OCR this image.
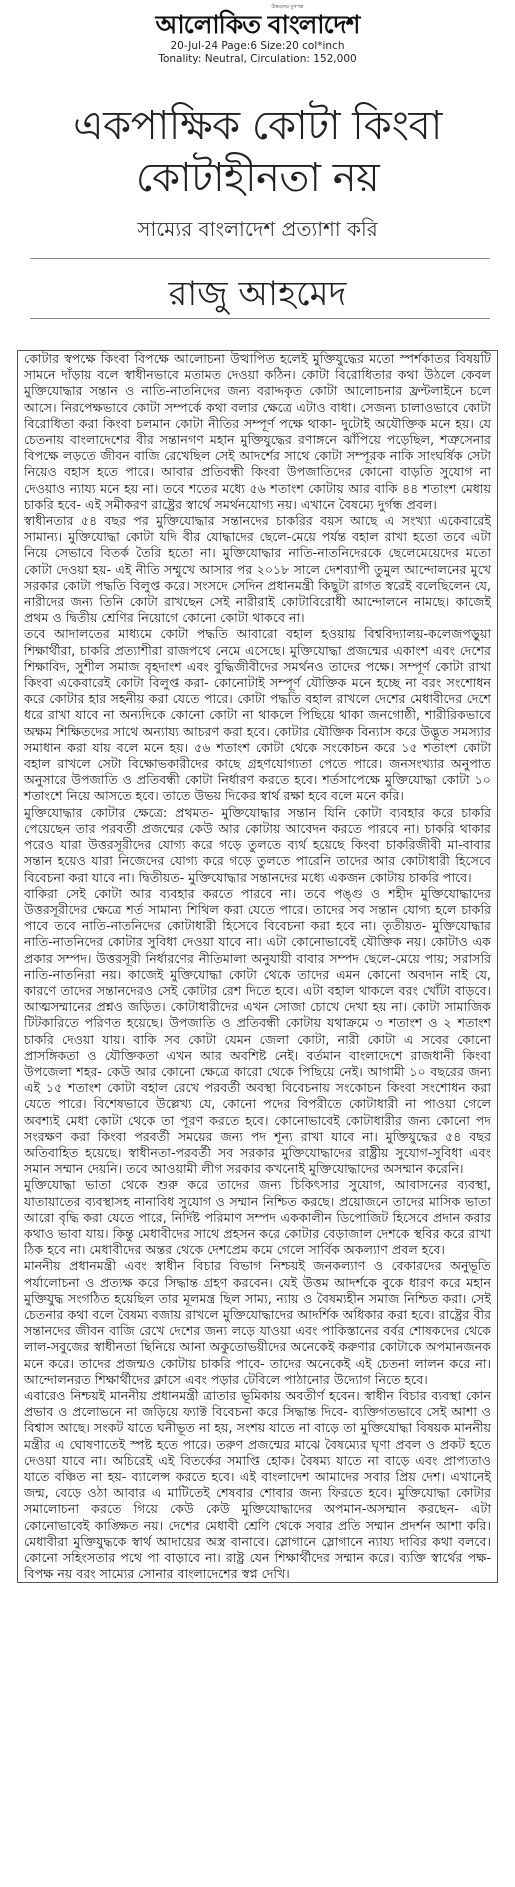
উন্নয়নের মুখপত্র
আলোকিত বাংলাদেশ
20-Jul-24 Page:6 Size:20 col*inch
Tonality: Neutral, Circulation: 152,000
একপাক্ষিক কোটা কিংবা
কোটাহীনতা নয়
সাম্যের বাংলাদেশ প্রত্যাশা করি
রাজু আহমেদ

কোটার স্বপক্ষে কিংবা বিপক্ষে আলোচনা উত্থাপিত হলেই মুক্তিযুদ্ধের মতো স্পর্শকাতর বিষয়টি সামনে দাঁড়ায় বলে স্বাধীনভাবে মতামত দেওয়া কঠিন। কোটা বিরোধিতার কথা উঠলে কেবল মুক্তিযোদ্ধার সন্তান ও নাতি-নাতনিদের জন্য বরাদ্দকৃত কোটা আলোচনার ফ্রন্টলাইনে চলে আসে। নিরপেক্ষভাবে কোটা সম্পর্কে কথা বলার ক্ষেত্রে এটাও বাধা। সেজন্য চালাওভাবে কোটা বিরোধিতা করা কিংবা চলমান কোটা নীতির সম্পূর্ণ পক্ষে থাকা- দুটোই অযৌক্তিক মনে হয়। যে চেতনায় বাংলাদেশের বীর সন্তানগণ মহান মুক্তিযুদ্ধের রণাঙ্গনে ঝাঁপিয়ে পড়েছিল, শত্রুসেনার বিপক্ষে লড়তে জীবন বাজি রেখেছিল সেই আদর্শের সাথে কোটা সম্পূরক নাকি সাংঘর্ষিক সেটা নিয়েও বহাস হতে পারে। আবার প্রতিবন্ধী কিংবা উপজাতিদের কোনো বাড়তি সুযোগ না দেওয়াও ন্যায্য মনে হয় না। তবে শতের মধ্যে ৫৬ শতাংশ কোটায় আর বাকি ৪৪ শতাংশ মেধায় চাকরি হবে- এই সমীকরণ রাষ্ট্রের স্বার্থে সমর্থনযোগ্য নয়। এখানে বৈষম্যে দুর্গন্ধ প্রবল।

স্বাধীনতার ৫৪ বছর পর মুক্তিযোদ্ধার সন্তানদের চাকরির বয়স আছে এ সংখ্যা একেবারেই সামান্য। মুক্তিযোদ্ধা কোটা যদি বীর যোদ্ধাদের ছেলে-মেয়ে পর্যন্ত বহাল রাখা হতো তবে এটা নিয়ে সেভাবে বিতর্ক তৈরি হতো না। মুক্তিযোদ্ধার নাতি-নাতনিদেরকে ছেলেমেয়েদের মতো কোটা দেওয়া হয়- এই নীতি সম্মুখে আসার পর ২০১৮ সালে দেশব্যাপী তুমুল আন্দোলনের মুখে সরকার কোটা পদ্ধতি বিলুপ্ত করে। সংসদে সেদিন প্রধানমন্ত্রী কিছুটা রাগত স্বরেই বলেছিলেন যে, নারীদের জন্য তিনি কোটা রাখছেন সেই নারীরাই কোটাবিরোধী আন্দোলনে নামছে। কাজেই প্রথম ও দ্বিতীয় শ্রেণির নিয়োগে কোনো কোটা থাকবে না।

তবে আদালতের মাধ্যমে কোটা পদ্ধতি আবারো বহাল হওয়ায় বিশ্ববিদ্যালয়-কলেজপড়ুয়া শিক্ষার্থীরা, চাকরি প্রত্যাশীরা রাজপথে নেমে এসেছে। মুক্তিযোদ্ধা প্রজন্মের একাংশ এবং দেশের শিক্ষাবিদ, সুশীল সমাজ বৃহদাংশ এবং বুদ্ধিজীবীদের সমর্থনও তাদের পক্ষে। সম্পূর্ণ কোটা রাখা কিংবা একেবারেই কোটা বিলুপ্ত করা- কোনোটাই সম্পূর্ণ যৌক্তিক মনে হচ্ছে না বরং সংশোধন করে কোটার হার সহনীয় করা যেতে পারে। কোটা পদ্ধতি বহাল রাখলে দেশের মেধাবীদের দেশে ধরে রাখা যাবে না অন্যদিকে কোনো কোটা না থাকলে পিছিয়ে থাকা জনগোষ্ঠী, শারীরিকভাবে অক্ষম শিক্ষিতদের সাথে অন্যায্য আচরণ করা হবে। কোটার যৌক্তিক বিন্যাস করে উদ্ভূত সমস্যার সমাধান করা যায় বলে মনে হয়। ৫৬ শতাংশ কোটা থেকে সংকোচন করে ১৫ শতাংশ কোটা বহাল রাখলে সেটা বিক্ষোভকারীদের কাছে গ্রহণযোগ্যতা পেতে পারে। জনসংখ্যার অনুপাত অনুসারে উপজাতি ও প্রতিবন্ধী কোটা নির্ধারণ করতে হবে। শর্তসাপেক্ষে মুক্তিযোদ্ধা কোটা ১০ শতাংশে নিয়ে আসতে হবে। তাতে উভয় দিকের স্বার্থ রক্ষা হবে বলে মনে করি।

মুক্তিযোদ্ধার কোটার ক্ষেত্রে: প্রথমত- মুক্তিযোদ্ধার সন্তান যিনি কোটা ব্যবহার করে চাকরি পেয়েছেন তার পরবর্তী প্রজন্মের কেউ আর কোটায় আবেদন করতে পারবে না। চাকরি থাকার পরেও যারা উত্তরসূরীদের যোগ্য করে গড়ে তুলতে ব্যর্থ হয়েছে কিংবা চাকরিজীবী মা-বাবার সন্তান হয়েও যারা নিজেদের যোগ্য করে গড়ে তুলতে পারেনি তাদের আর কোটাধারী হিসেবে বিবেচনা করা যাবে না। দ্বিতীয়ত- মুক্তিযোদ্ধার সন্তানদের মধ্যে একজন কোটায় চাকরি পাবে।

বাকিরা সেই কোটা আর ব্যবহার করতে পারবে না। তবে পঙ্গু ও শহীদ মুক্তিযোদ্ধাদের উত্তরসূরীদের ক্ষেত্রে শর্ত সামান্য শিথিল করা যেতে পারে। তাদের সব সন্তান যোগ্য হলে চাকরি পাবে তবে নাতি-নাতনিদের কোটাধারী হিসেবে বিবেচনা করা হবে না। তৃতীয়ত- মুক্তিযোদ্ধার নাতি-নাতনিদের কোটার সুবিধা দেওয়া যাবে না। এটা কোনোভাবেই যৌক্তিক নয়। কোটাও এক প্রকার সম্পদ। উত্তরসূরী নির্ধারণের নীতিমালা অনুযায়ী বাবার সম্পদ ছেলে-মেয়ে পায়; সরাসরি নাতি-নাতনিরা নয়। কাজেই মুক্তিযোদ্ধা কোটা থেকে তাদের এমন কোনো অবদান নাই যে, কারণে তাদের সন্তানদেরও সেই কোটার রেশ দিতে হবে। এটা বহাল থাকলে বরং খোঁটা বাড়বে। আত্মসম্মানের প্রশ্নও জড়িত। কোটাধারীদের এখন সোজা চোখে দেখা হয় না। কোটা সামাজিক টিটকারিতে পরিণত হয়েছে। উপজাতি ও প্রতিবন্ধী কোটায় যথাক্রমে ৩ শতাংশ ও ২ শতাংশ চাকরি দেওয়া যায়। বাকি সব কোটা যেমন জেলা কোটা, নারী কোটা এ সবের কোনো প্রাসঙ্গিকতা ও যৌক্তিকতা এখন আর অবশিষ্ট নেই। বর্তমান বাংলাদেশে রাজধানী কিংবা উপজেলা শহর- কেউ আর কোনো ক্ষেত্রে কারো থেকে পিছিয়ে নেই। আগামী ১০ বছরের জন্য এই ১৫ শতাংশ কোটা বহাল রেখে পরবর্তী অবস্থা বিবেচনায় সংকোচন কিংবা সংশোধন করা যেতে পারে। বিশেষভাবে উল্লেখ্য যে, কোনো পদের বিপরীতে কোটাধারী না পাওয়া গেলে অবশ্যই মেধা কোটা থেকে তা পূরণ করতে হবে। কোনোভাবেই কোটাধারীর জন্য কোনো পদ সংরক্ষণ করা কিংবা পরবর্তী সময়ের জন্য পদ শূন্য রাখা যাবে না। মুক্তিযুদ্ধের ৫৪ বছর অতিবাহিত হয়েছে। স্বাধীনতা-পরবর্তী সব সরকার মুক্তিযোদ্ধাদের রাষ্ট্রীয় সুযোগ-সুবিধা এবং সমান সম্মান দেয়নি। তবে আওয়ামী লীগ সরকার কখনোই মুক্তিযোদ্ধাদের অসম্মান করেনি।

মুক্তিযোদ্ধা ভাতা থেকে শুরু করে তাদের জন্য চিকিৎসার সুযোগ, আবাসনের ব্যবস্থা, যাতায়াতের ব্যবস্থাসহ নানাবিধ সুযোগ ও সম্মান নিশ্চিত করছে। প্রয়োজনে তাদের মাসিক ভাতা আরো বৃদ্ধি করা যেতে পারে, নির্দিষ্ট পরিমাণ সম্পদ এককালীন ডিপোজিট হিসেবে প্রদান করার কথাও ভাবা যায়। কিন্তু মেধাবীদের সাথে প্রহসন করে কোটার বেড়াজাল দেশকে স্থবির করে রাখা ঠিক হবে না। মেধাবীদের অন্তর থেকে দেশপ্রেম কমে গেলে সার্বিক অকল্যাণ প্রবল হবে।

মাননীয় প্রধানমন্ত্রী এবং স্বাধীন বিচার বিভাগ নিশ্চয়ই জনকল্যাণ ও বেকারদের অনুভূতি পর্যালোচনা ও প্রত্যক্ষ করে সিদ্ধান্ত গ্রহণ করবেন। যেই উত্তম আদর্শকে বুকে ধারণ করে মহান মুক্তিযুদ্ধ সংগঠিত হয়েছিল তার মূলমন্ত্র ছিল সাম্য, ন্যায় ও বৈষম্যহীন সমাজ নিশ্চিত করা। সেই চেতনার কথা বলে বৈষম্য বজায় রাখলে মুক্তিযোদ্ধাদের আদর্শিক অধিকার করা হবে। রাষ্ট্রের বীর সন্তানদের জীবন বাজি রেখে দেশের জন্য লড়ে যাওয়া এবং পাকিস্তানের বর্বর শোষকদের থেকে লাল-সবুজের স্বাধীনতা ছিনিয়ে আনা অকুতোভয়ীদের অনেকেই করুণার কোটাকে অপমানজনক মনে করে। তাদের প্রজন্মও কোটায় চাকরি পাবে- তাদের অনেকেই এই চেতনা লালন করে না। আন্দোলনরত শিক্ষার্থীদের ক্লাসে এবং পড়ার টেবিলে পাঠানোর উদ্যোগ নিতে হবে।

এবারেও নিশ্চয়ই মাননীয় প্রধানমন্ত্রী ত্রাতার ভূমিকায় অবতীর্ণ হবেন। স্বাধীন বিচার ব্যবস্থা কোন প্রভাব ও প্রলোভনে না জড়িয়ে ফ্যাক্ট বিবেচনা করে সিদ্ধান্ত দিবে- ব্যক্তিগতভাবে সেই আশা ও বিশ্বাস আছে। সংকট যাতে ঘনীভূত না হয়, সংশয় যাতে না বাড়ে তা মুক্তিযোদ্ধা বিষয়ক মাননীয় মন্ত্রীর এ ঘোষণাতেই স্পষ্ট হতে পারে। তরুণ প্রজন্মের মাঝে বৈষম্যের ঘৃণা প্রবল ও প্রকট হতে দেওয়া যাবে না। অচিরেই এই বিতর্কের সমাপ্তি হোক। বৈষম্য যাতে না বাড়ে এবং প্রাপ্যতাও যাতে বঞ্চিত না হয়- ব্যালেন্স করতে হবে। এই বাংলাদেশ আমাদের সবার প্রিয় দেশ। এখানেই জন্ম, বেড়ে ওঠা আবার এ মাটিতেই শেষবার শোবার জন্য ফিরতে হবে। মুক্তিযোদ্ধা কোটার সমালোচনা করতে গিয়ে কেউ কেউ মুক্তিযোদ্ধাদের অপমান-অসম্মান করছেন- এটা কোনোভাবেই কাঙ্ক্ষিত নয়। দেশের মেধাবী শ্রেণি থেকে সবার প্রতি সম্মান প্রদর্শন আশা করি। মেধাবীরা মুক্তিযুদ্ধকে স্বার্থ আদায়ের অস্ত্র বানাবে। স্লোগানে স্লোগানে ন্যায্য দাবির কথা বলবে। কোনো সহিংসতার পথে পা বাড়াবে না। রাষ্ট্র যেন শিক্ষার্থীদের সম্মান করে। ব্যক্তি স্বার্থের পক্ষ-বিপক্ষ নয় বরং সাম্যের সোনার বাংলাদেশের স্বপ্ন দেখি।
